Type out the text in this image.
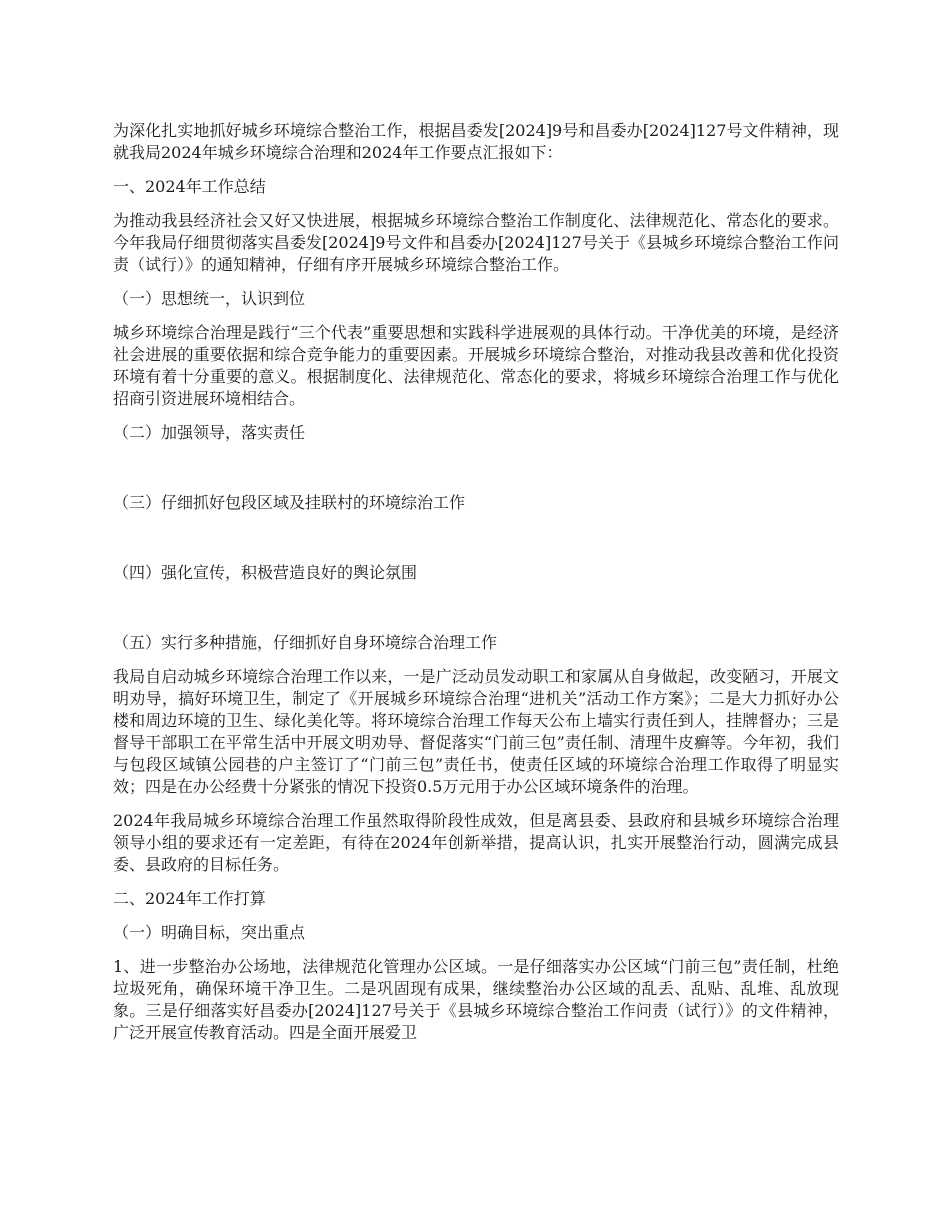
为深化扎实地抓好城乡环境综合整治工作，根据昌委发[2024]9号和昌委办[2024]127号文件精神，现就我局2024年城乡环境综合治理和2024年工作要点汇报如下：

一、2024年工作总结

为推动我县经济社会又好又快进展，根据城乡环境综合整治工作制度化、法律规范化、常态化的要求。今年我局仔细贯彻落实昌委发[2024]9号文件和昌委办[2024]127号关于《县城乡环境综合整治工作问责（试行）》的通知精神，仔细有序开展城乡环境综合整治工作。

（一）思想统一，认识到位

城乡环境综合治理是践行“三个代表”重要思想和实践科学进展观的具体行动。干净优美的环境，是经济社会进展的重要依据和综合竞争能力的重要因素。开展城乡环境综合整治，对推动我县改善和优化投资环境有着十分重要的意义。根据制度化、法律规范化、常态化的要求，将城乡环境综合治理工作与优化招商引资进展环境相结合。

（二）加强领导，落实责任

（三）仔细抓好包段区域及挂联村的环境综治工作

（四）强化宣传，积极营造良好的舆论氛围

（五）实行多种措施，仔细抓好自身环境综合治理工作

我局自启动城乡环境综合治理工作以来，一是广泛动员发动职工和家属从自身做起，改变陋习，开展文明劝导，搞好环境卫生，制定了《开展城乡环境综合治理“进机关”活动工作方案》；二是大力抓好办公楼和周边环境的卫生、绿化美化等。将环境综合治理工作每天公布上墙实行责任到人，挂牌督办；三是督导干部职工在平常生活中开展文明劝导、督促落实“门前三包”责任制、清理牛皮癣等。今年初，我们与包段区域镇公园巷的户主签订了“门前三包”责任书，使责任区域的环境综合治理工作取得了明显实效；四是在办公经费十分紧张的情况下投资0.5万元用于办公区域环境条件的治理。

2024年我局城乡环境综合治理工作虽然取得阶段性成效，但是离县委、县政府和县城乡环境综合治理领导小组的要求还有一定差距，有待在2024年创新举措，提高认识，扎实开展整治行动，圆满完成县委、县政府的目标任务。

二、2024年工作打算

（一）明确目标，突出重点

1、进一步整治办公场地，法律规范化管理办公区域。一是仔细落实办公区域“门前三包”责任制，杜绝垃圾死角，确保环境干净卫生。二是巩固现有成果，继续整治办公区域的乱丢、乱贴、乱堆、乱放现象。三是仔细落实好昌委办[2024]127号关于《县城乡环境综合整治工作问责（试行）》的文件精神，广泛开展宣传教育活动。四是全面开展爱卫
